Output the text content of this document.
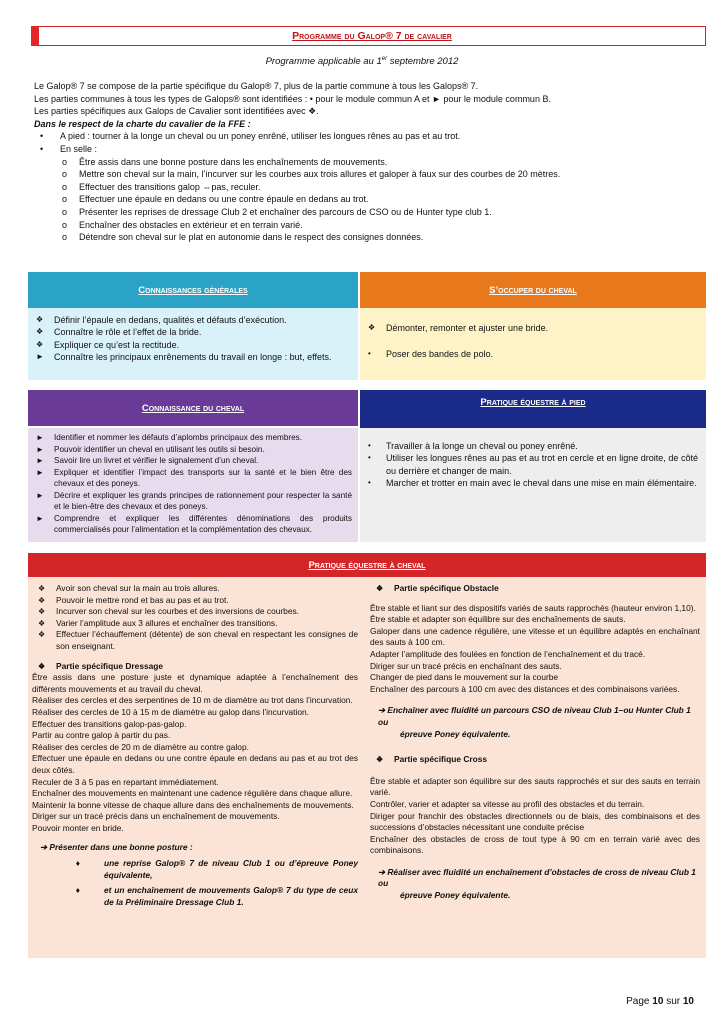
Programme du Galop® 7 de cavalier
Programme applicable au 1er septembre 2012
Le Galop® 7 se compose de la partie spécifique du Galop® 7, plus de la partie commune à tous les Galops® 7.
Les parties communes à tous les types de Galops® sont identifiées : • pour le module commun A et ► pour le module commun B.
Les parties spécifiques aux Galops de Cavalier sont identifiées avec ❖.
Dans le respect de la charte du cavalier de la FFE :
• A pied : tourner à la longe un cheval ou un poney enrêné, utiliser les longues rênes au pas et au trot.
• En selle :
o Être assis dans une bonne posture dans les enchaînements de mouvements.
o Mettre son cheval sur la main, l’incurver sur les courbes aux trois allures et galoper à faux sur des courbes de 20 mètres.
o Effectuer des transitions galop ⇔pas, reculer.
o Effectuer une épaule en dedans ou une contre épaule en dedans au trot.
o Présenter les reprises de dressage Club 2 et enchaîner des parcours de CSO ou de Hunter type club 1.
o Enchaîner des obstacles en extérieur et en terrain varié.
o Détendre son cheval sur le plat en autonomie dans le respect des consignes données.
Connaissances générales
❖	Définir l’épaule en dedans, qualités et défauts d’exécution.
❖	Connaître le rôle et l’effet de la bride.
❖	Expliquer ce qu’est la rectitude.
►	Connaître les principaux enrênements du travail en longe : but, effets.
S’occuper du cheval
❖	Démonter, remonter et ajuster une bride.
•	Poser des bandes de polo.
Connaissance du cheval
►	Identifier et nommer les défauts d’aplombs principaux des membres.
►	Pouvoir identifier un cheval en utilisant les outils si besoin.
►	Savoir lire un livret et vérifier le signalement d’un cheval.
►	Expliquer et identifier l’impact des transports sur la santé et le bien être des chevaux et des poneys.
►	Décrire et expliquer les grands principes de rationnement pour respecter la santé et le bien-être des chevaux et des poneys.
►	Comprendre et expliquer les différentes dénominations des produits commercialisés pour l’alimentation et la complémentation des chevaux.
Pratique équestre à pied
•	Travailler à la longe un cheval ou poney enrêné.
•	Utiliser les longues rênes au pas et au trot en cercle et en ligne droite, de côté ou derrière et changer de main.
•	Marcher et trotter en main avec le cheval dans une mise en main élémentaire.
Pratique équestre à cheval
❖	Avoir son cheval sur la main au trois allures.
❖	Pouvoir le mettre rond et bas au pas et au trot.
❖	Incurver son cheval sur les courbes et des inversions de courbes.
❖	Varier l’amplitude aux 3 allures et enchaîner des transitions.
❖	Effectuer l’échauffement (détente) de son cheval en respectant les consignes de son enseignant.
❖	Partie spécifique Dressage
Être assis dans une posture juste et dynamique adaptée à l’enchaînement des différents mouvements et au travail du cheval.
Réaliser des cercles et des serpentines de 10 m de diamètre au trot dans l’incurvation.
Réaliser des cercles de 10 à 15 m de diamètre au galop dans l’incurvation.
Effectuer des transitions galop-pas-galop.
Partir au contre galop à partir du pas.
Réaliser des cercles de 20 m de diamètre au contre galop.
Effectuer une épaule en dedans ou une contre épaule en dedans au pas et au trot des deux côtés.
Reculer de 3 à 5 pas en repartant immédiatement.
Enchaîner des mouvements en maintenant une cadence régulière dans chaque allure.
Maintenir la bonne vitesse de chaque allure dans des enchaînements de mouvements.
Diriger sur un tracé précis dans un enchaînement de mouvements.
Pouvoir monter en bride.
➔ Présenter dans une bonne posture :
♦	une reprise Galop® 7 de niveau Club 1 ou d’épreuve Poney équivalente,
♦	et un enchaînement de mouvements Galop® 7 du type de ceux de la Préliminaire Dressage Club 1.
❖	Partie spécifique Obstacle
Être stable et liant sur des dispositifs variés de sauts rapprochés (hauteur environ 1,10).
Être stable et adapter son équilibre sur des enchaînements de sauts.
Galoper dans une cadence régulière, une vitesse et un équilibre adaptés en enchaînant des sauts à 100 cm.
Adapter l’amplitude des foulées en fonction de l’enchaînement et du tracé.
Diriger sur un tracé précis en enchaînant des sauts.
Changer de pied dans le mouvement sur la courbe
Enchaîner des parcours à 100 cm avec des distances et des combinaisons variées.
➔ Enchaîner avec fluidité un parcours CSO de niveau Club 1–ou Hunter Club 1 ou
épreuve Poney équivalente.
❖	Partie spécifique Cross
Être stable et adapter son équilibre sur des sauts rapprochés et sur des sauts en terrain varié.
Contrôler, varier et adapter sa vitesse au profil des obstacles et du terrain.
Diriger pour franchir des obstacles directionnels ou de biais, des combinaisons et des successions d’obstacles nécessitant une conduite précise
Enchaîner des obstacles de cross de tout type à 90 cm en terrain varié avec des combinaisons.
➔ Réaliser avec fluidité un enchaînement d’obstacles de cross de niveau Club 1 ou
épreuve Poney équivalente.
Page 10 sur 10
